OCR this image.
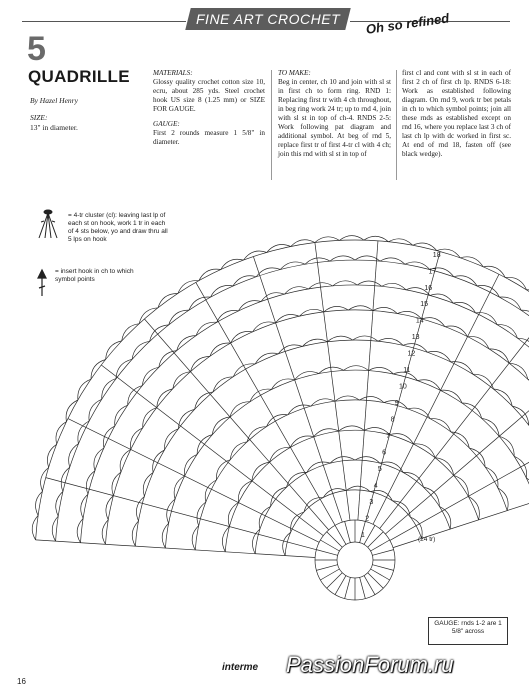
FINE ART CROCHET Oh so refined
5
QUADRILLE
By Hazel Henry
SIZE:
13" in diameter.
MATERIALS:
Glossy quality crochet cotton size 10, ecru, about 285 yds. Steel crochet hook US size 8 (1.25 mm) or SIZE FOR GAUGE.
GAUGE:
First 2 rounds measure 1 5/8" in diameter.
TO MAKE:
Beg in center, ch 10 and join with sl st in first ch to form ring. RND 1: Replacing first tr with 4 ch throughout, in beg ring work 24 tr; up to rnd 4, join with sl st in top of ch-4. RNDS 2-5: Work following pat diagram and additional symbol. At beg of rnd 5, replace first tr of first 4-tr cl with 4 ch; join this rnd with sl st in top of
first cl and cont with sl st in each of first 2 ch of first ch lp. RNDS 6-18: Work as established following diagram. On rnd 9, work tr bet petals in ch to which symbol points; join all these rnds as established except on rnd 16, where you replace last 3 ch of last ch lp with dc worked in first sc. At end of rnd 18, fasten off (see black wedge).
= 4-tr cluster (cl): leaving last lp of each st on hook, work 1 tr in each of 4 sts below, yo and draw thru all 5 lps on hook
= insert hook in ch to which symbol points
1
2
3
4
5
6
7
8
9
10
11
12
13
14
15
16
17
18
(24 tr)
GAUGE: rnds 1-2 are 1 5/8" across
16
interme PassionForum.ru
